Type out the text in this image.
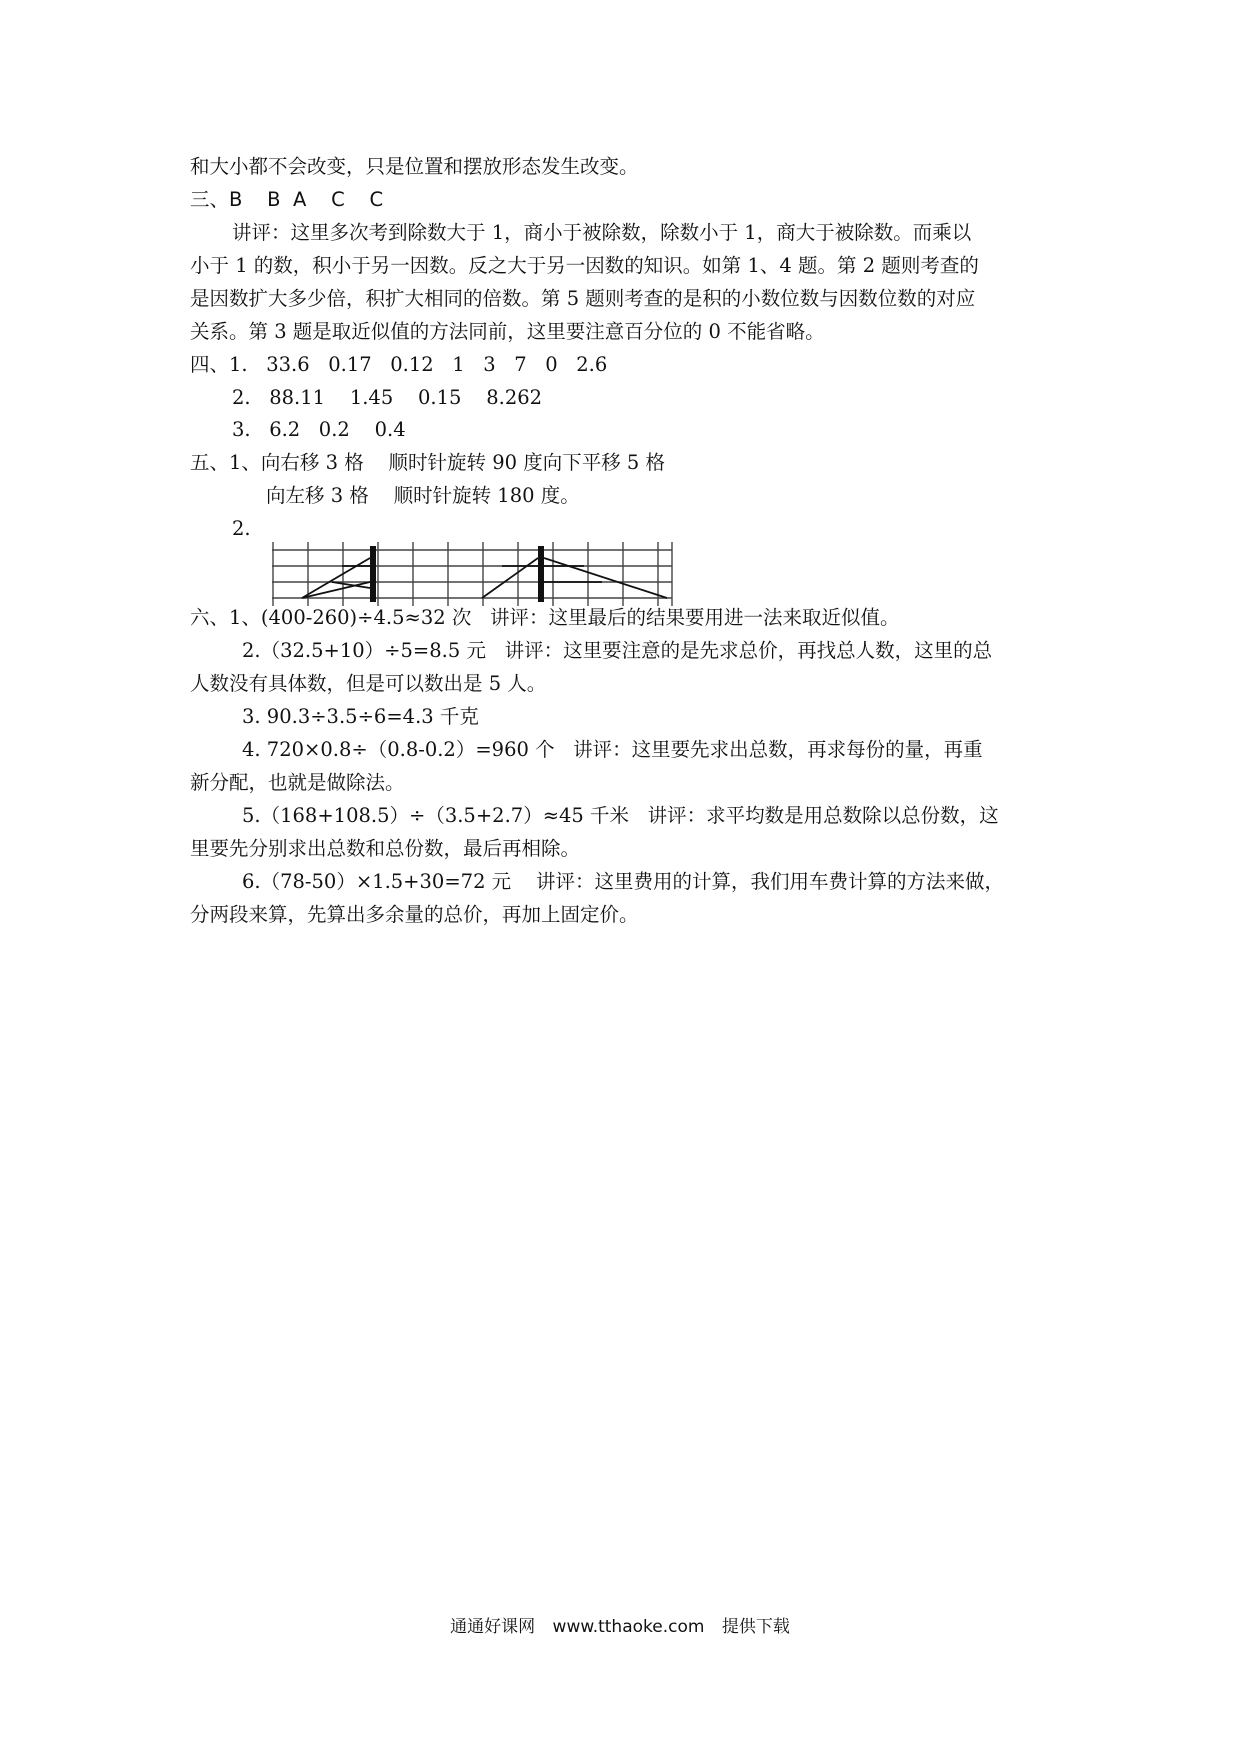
和大小都不会改变，只是位置和摆放形态发生改变。
三、B    B  A    C    C
讲评：这里多次考到除数大于 1，商小于被除数，除数小于 1，商大于被除数。而乘以
小于 1 的数，积小于另一因数。反之大于另一因数的知识。如第 1、4 题。第 2 题则考查的
是因数扩大多少倍，积扩大相同的倍数。第 5 题则考查的是积的小数位数与因数位数的对应
关系。第 3 题是取近似值的方法同前，这里要注意百分位的 0 不能省略。
四、1.   33.6   0.17   0.12   1   3   7   0   2.6
2.   88.11    1.45    0.15    8.262
3.   6.2   0.2    0.4
五、1、向右移 3 格    顺时针旋转 90 度向下平移 5 格
向左移 3 格    顺时针旋转 180 度。
2.
六、1、(400-260)÷4.5≈32 次   讲评：这里最后的结果要用进一法来取近似值。
2.（32.5+10）÷5=8.5 元   讲评：这里要注意的是先求总价，再找总人数，这里的总
人数没有具体数，但是可以数出是 5 人。
3. 90.3÷3.5÷6=4.3 千克
4. 720×0.8÷（0.8-0.2）=960 个   讲评：这里要先求出总数，再求每份的量，再重
新分配，也就是做除法。
5.（168+108.5）÷（3.5+2.7）≈45 千米   讲评：求平均数是用总数除以总份数，这
里要先分别求出总数和总份数，最后再相除。
6.（78-50）×1.5+30=72 元    讲评：这里费用的计算，我们用车费计算的方法来做，
分两段来算，先算出多余量的总价，再加上固定价。
通通好课网 www.tthaoke.com 提供下载
